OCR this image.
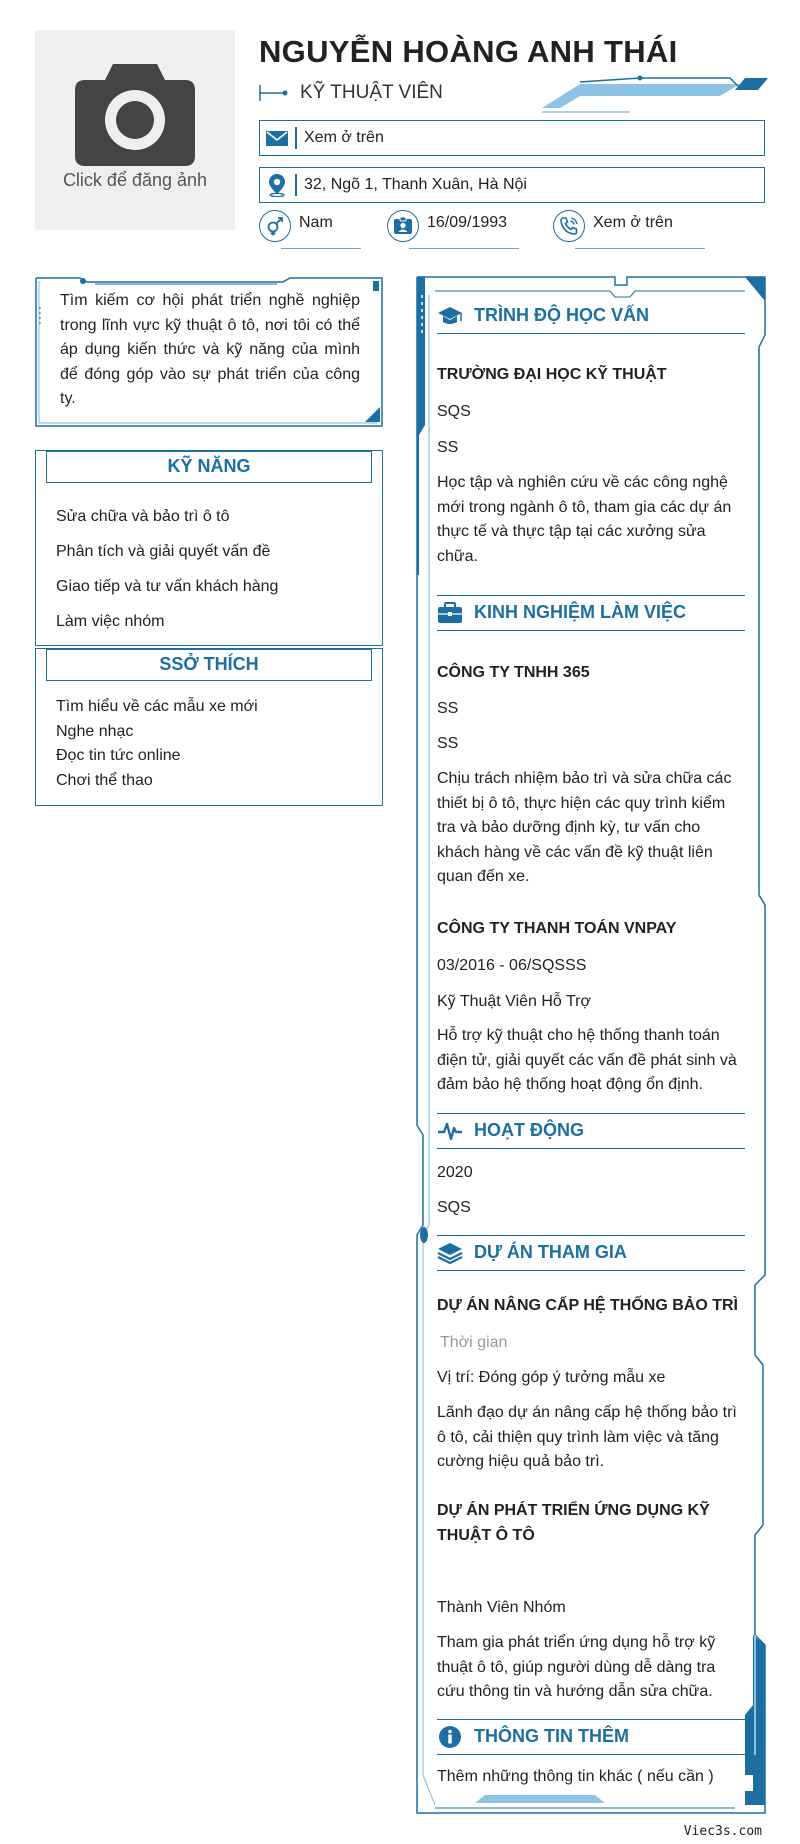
Click để đăng ảnh
NGUYỄN HOÀNG ANH THÁI
KỸ THUẬT VIÊN
Xem ở trên
32, Ngõ 1, Thanh Xuân, Hà Nội
Nam	16/09/1993	Xem ở trên
Tìm kiếm cơ hội phát triển nghề nghiệp trong lĩnh vực kỹ thuật ô tô, nơi tôi có thể áp dụng kiến thức và kỹ năng của mình để đóng góp vào sự phát triển của công ty.
KỸ NĂNG
Sửa chữa và bảo trì ô tô
Phân tích và giải quyết vấn đề
Giao tiếp và tư vấn khách hàng
Làm việc nhóm
SSỞ THÍCH
Tìm hiểu về các mẫu xe mới
Nghe nhạc
Đọc tin tức online
Chơi thể thao
TRÌNH ĐỘ HỌC VẤN
TRƯỜNG ĐẠI HỌC KỸ THUẬT
SQS
SS
Học tập và nghiên cứu về các công nghệ mới trong ngành ô tô, tham gia các dự án thực tế và thực tập tại các xưởng sửa chữa.
KINH NGHIỆM LÀM VIỆC
CÔNG TY TNHH 365
SS
SS
Chịu trách nhiệm bảo trì và sửa chữa các thiết bị ô tô, thực hiện các quy trình kiểm tra và bảo dưỡng định kỳ, tư vấn cho khách hàng về các vấn đề kỹ thuật liên quan đến xe.
CÔNG TY THANH TOÁN VNPAY
03/2016 - 06/SQSSS
Kỹ Thuật Viên Hỗ Trợ
Hỗ trợ kỹ thuật cho hệ thống thanh toán điện tử, giải quyết các vấn đề phát sinh và đảm bảo hệ thống hoạt động ổn định.
HOẠT ĐỘNG
2020
SQS
DỰ ÁN THAM GIA
DỰ ÁN NÂNG CẤP HỆ THỐNG BẢO TRÌ
Thời gian
Vị trí: Đóng góp ý tưởng mẫu xe
Lãnh đạo dự án nâng cấp hệ thống bảo trì ô tô, cải thiện quy trình làm việc và tăng cường hiệu quả bảo trì.
DỰ ÁN PHÁT TRIỂN ỨNG DỤNG KỸ THUẬT Ô TÔ
Thành Viên Nhóm
Tham gia phát triển ứng dụng hỗ trợ kỹ thuật ô tô, giúp người dùng dễ dàng tra cứu thông tin và hướng dẫn sửa chữa.
THÔNG TIN THÊM
Thêm những thông tin khác ( nếu cần )
Viec3s.com
